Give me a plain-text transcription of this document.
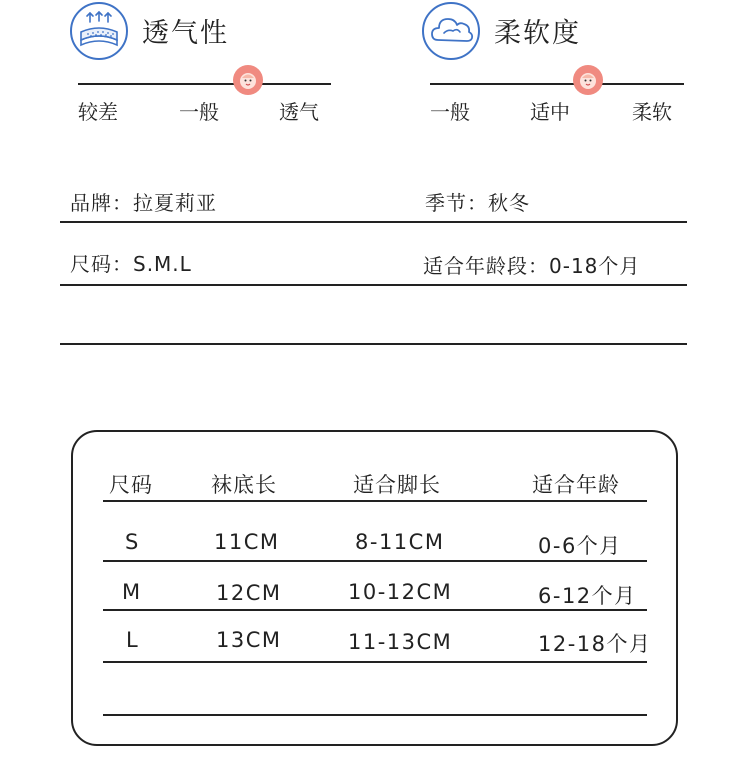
透气性
较差	一般	透气
柔软度
一般	适中	柔软
品牌：拉夏莉亚	季节：秋冬
尺码：S.M.L	适合年龄段：0-18个月
尺码	袜底长	适合脚长	适合年龄
S	11CM	8-11CM	0-6个月
M	12CM	10-12CM	6-12个月
L	13CM	11-13CM	12-18个月
